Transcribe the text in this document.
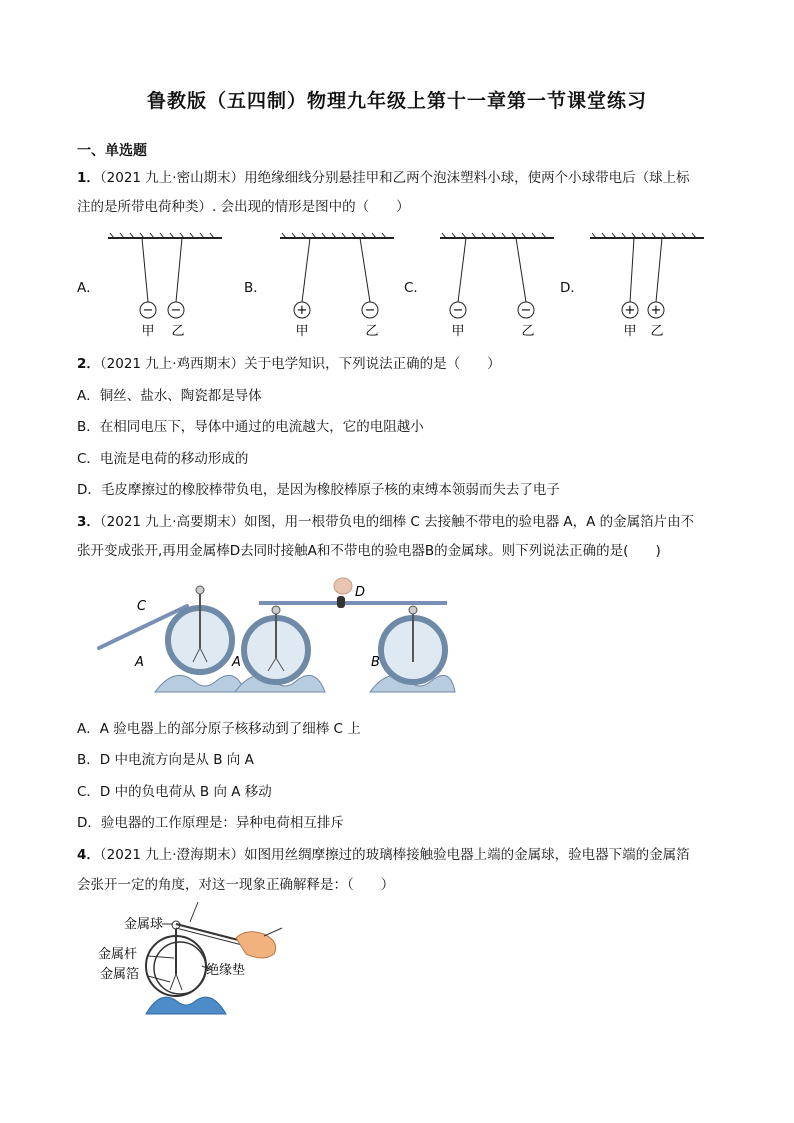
鲁教版（五四制）物理九年级上第十一章第一节课堂练习
一、单选题
1．（2021 九上·密山期末）用绝缘细线分别悬挂甲和乙两个泡沫塑料小球，使两个小球带电后（球上标
注的是所带电荷种类）. 会出现的情形是图中的（　　）
A．	B．	C．	D．
− −
甲 乙
+	−
甲	乙
−	−
甲	乙
+ +
甲 乙
2．（2021 九上·鸡西期末）关于电学知识，下列说法正确的是（　　）
A．铜丝、盐水、陶瓷都是导体
B．在相同电压下，导体中通过的电流越大，它的电阻越小
C．电流是电荷的移动形成的
D．毛皮摩擦过的橡胶棒带负电，是因为橡胶棒原子核的束缚本领弱而失去了电子
3．（2021 九上·高要期末）如图，用一根带负电的细棒 C 去接触不带电的验电器 A，A 的金属箔片由不
张开变成张开,再用金属棒D去同时接触A和不带电的验电器B的金属球。则下列说法正确的是(　　)
C
A
D
A	B
A．A 验电器上的部分原子核移动到了细棒 C 上
B．D 中电流方向是从 B 向 A
C．D 中的负电荷从 B 向 A 移动
D．验电器的工作原理是：异种电荷相互排斥
4．（2021 九上·澄海期末）如图用丝绸摩擦过的玻璃棒接触验电器上端的金属球，验电器下端的金属箔
会张开一定的角度，对这一现象正确解释是：（　　）
金属球
金属杆
金属箔	绝缘垫
